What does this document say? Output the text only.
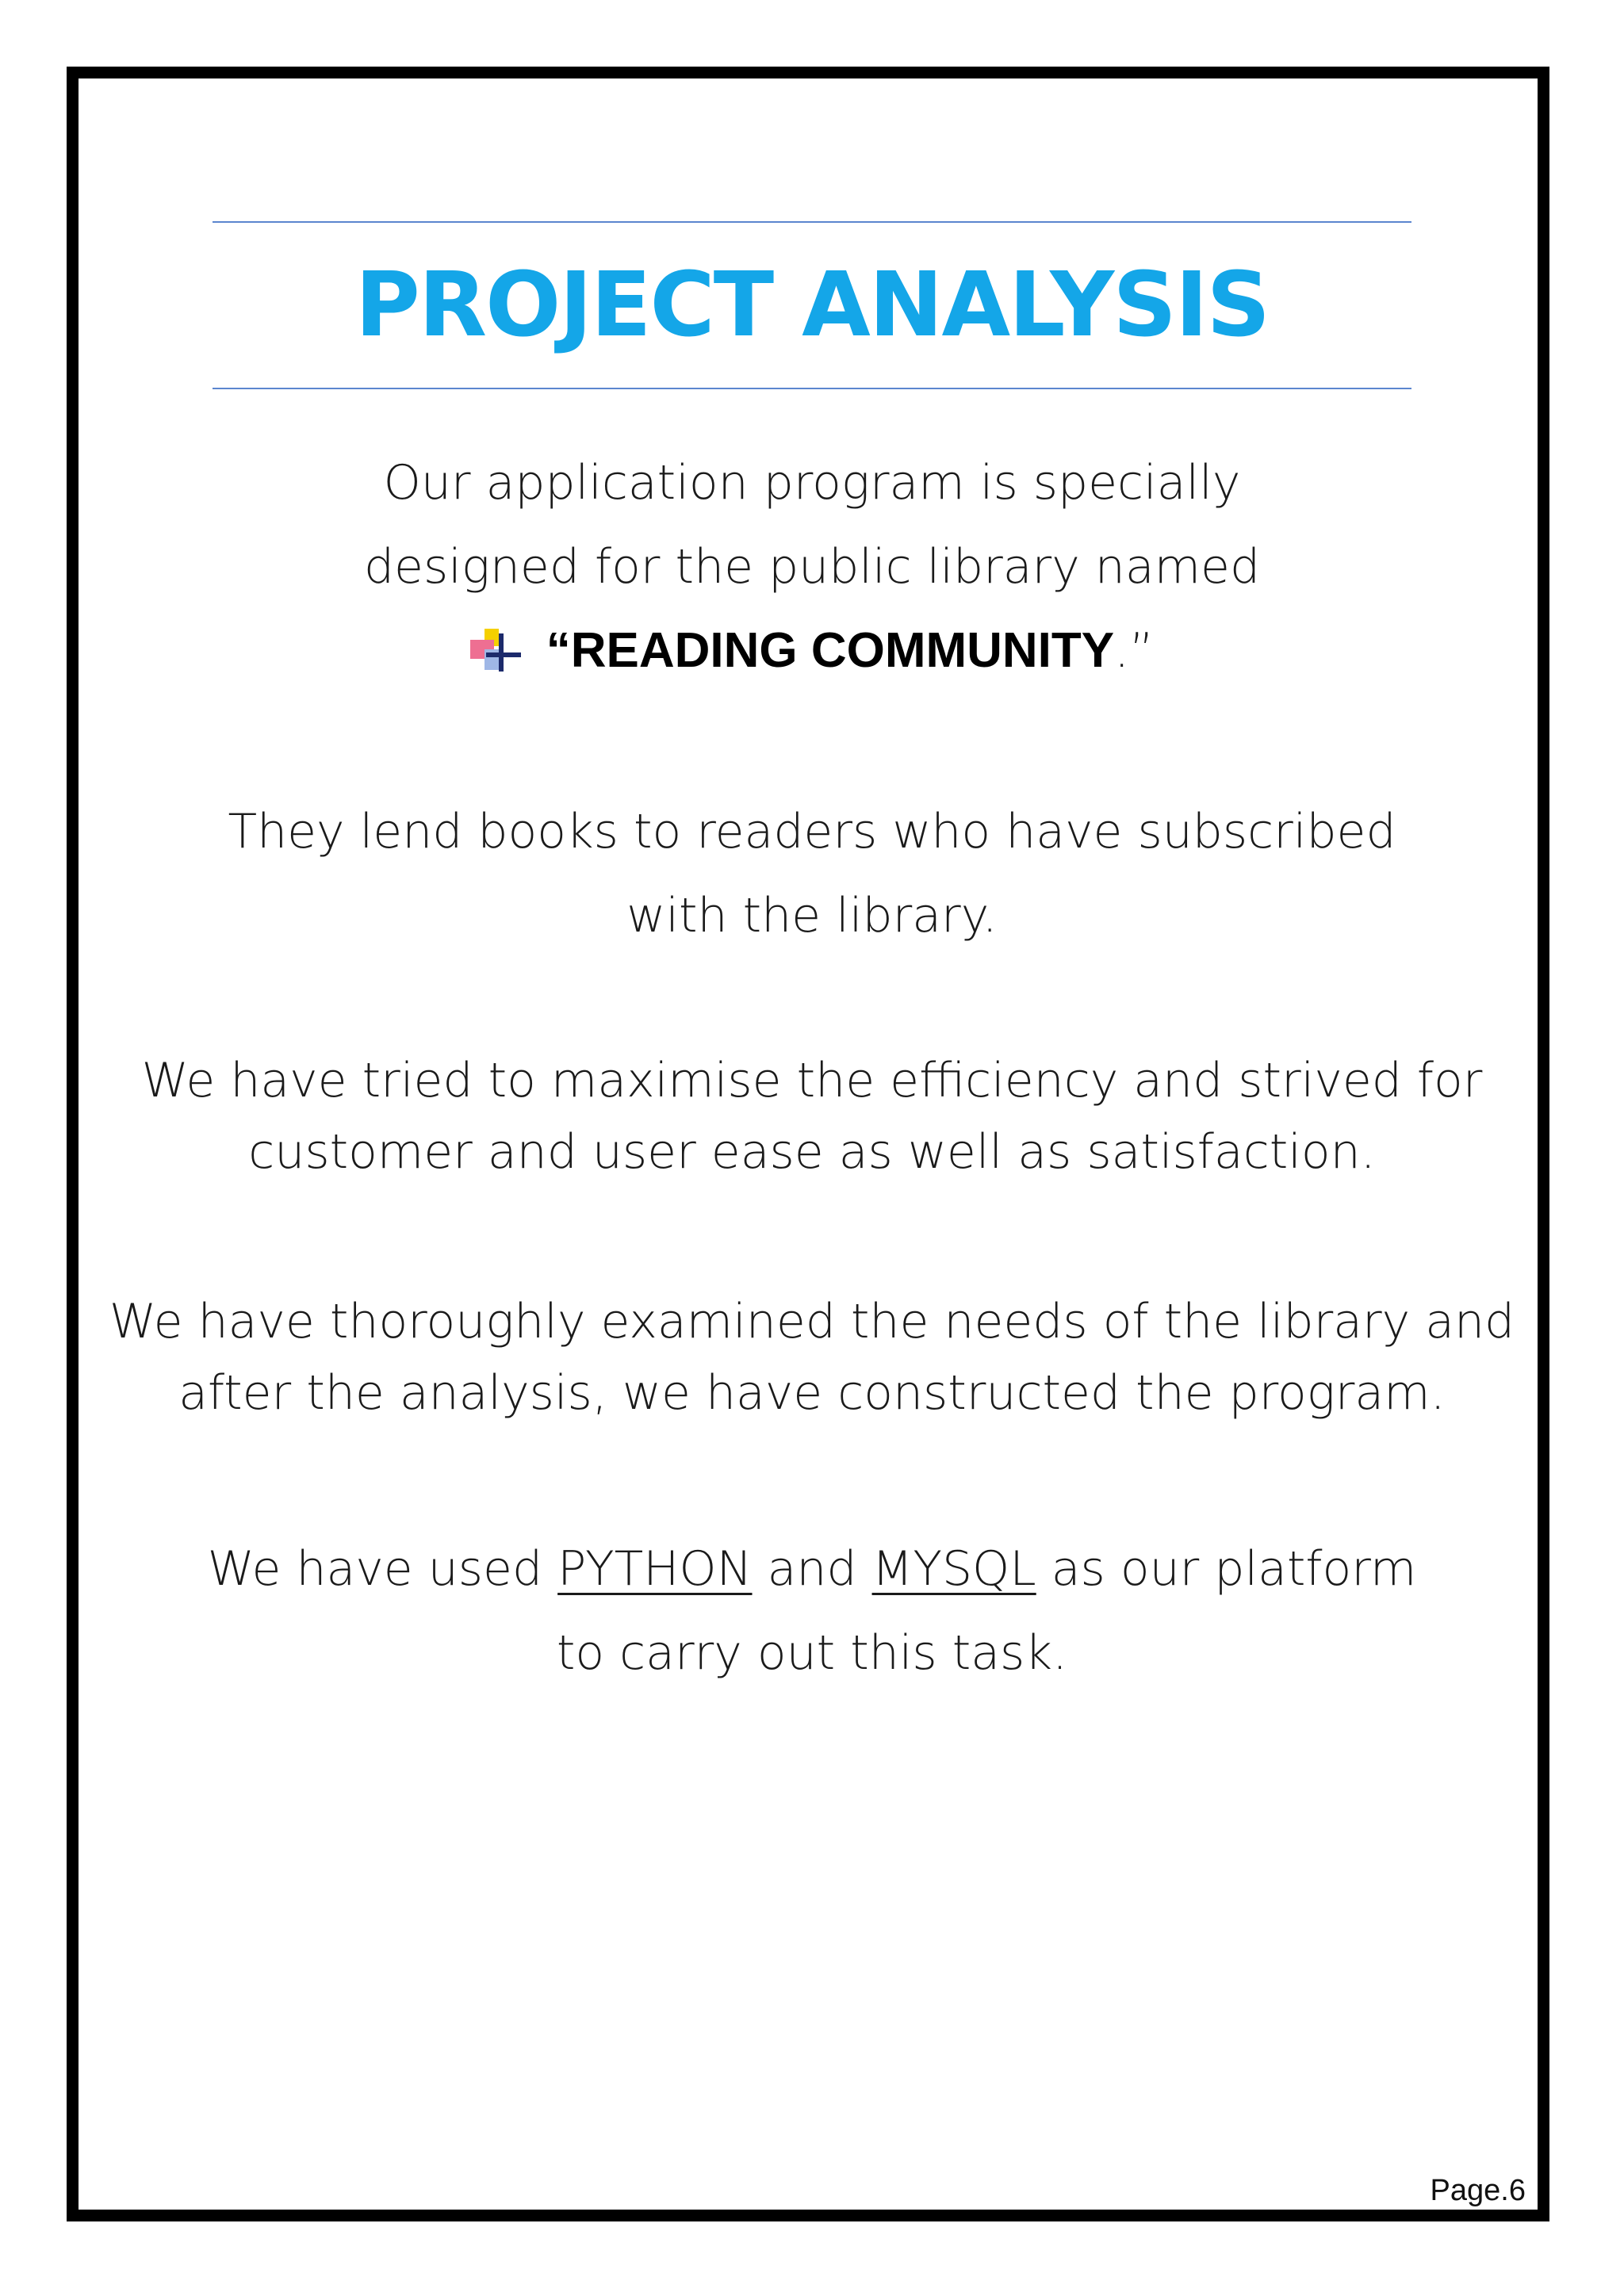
PROJECT ANALYSIS
Our application program is specially
designed for the public library named
“READING COMMUNITY.”
They lend books to readers who have subscribed
with the library.
We have tried to maximise the efficiency and strived for
customer and user ease as well as satisfaction.
We have thoroughly examined the needs of the library and
after the analysis, we have constructed the program.
We have used PYTHON and MYSQL as our platform
to carry out this task.
Page.6
